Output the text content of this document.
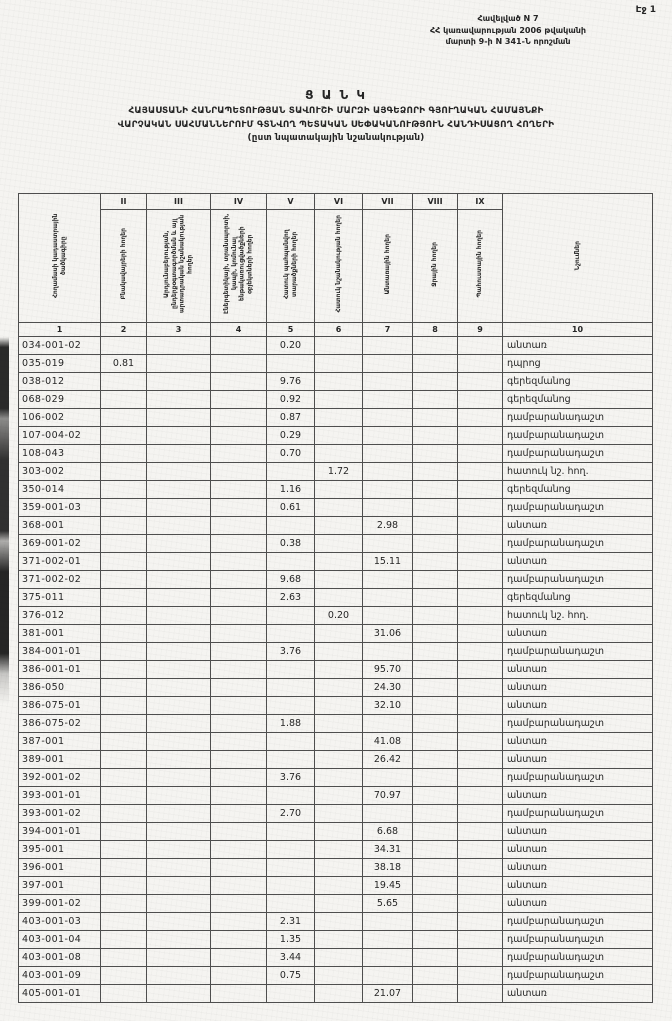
Էջ 1
Հավելված N 7
ՀՀ կառավարության 2006 թվականի
մարտի 9-ի N 341-Ն որոշման
Ց Ա Ն Կ
ՀԱՅԱՍՏԱՆԻ ՀԱՆՐԱՊԵՏՈՒԹՅԱՆ ՏԱՎՈՒՇԻ ՄԱՐԶԻ ԱՅԳԵՁՈՐԻ ԳՅՈՒՂԱԿԱՆ ՀԱՄԱՅՆՔԻ
ՎԱՐՉԱԿԱՆ ՍԱՀՄԱՆՆԵՐՈՒՄ ԳՏՆՎՈՂ ՊԵՏԱԿԱՆ ՍԵՓԱԿԱՆՈՒԹՅՈՒՆ ՀԱՆԴԻՍԱՑՈՂ ՀՈՂԵՐԻ
(ըստ նպատակային նշանակության)
Հողամասի կադաստրային ծածկագիրը	II	III	IV	V	VI	VII	VIII	IX	Նշումներ
	Բնակավայրերի հողեր	Արդյունաբերության, ընդերքօգտագործման և այլ արտադրական նշանակության հողեր	Էներգետիկայի, տրանսպորտի, կապի, կոմունալ ենթակառուցվածքների օբյեկտների հողեր	Հատուկ պահպանվող տարածքների հողեր	Հատուկ նշանակության հողեր	Անտառային հողեր	Ջրային հողեր	Պահուստային հողեր	
1	2	3	4	5	6	7	8	9	10
034-001-02				0.20					անտառ
035-019	0.81								դպրոց
038-012				9.76					գերեզմանոց
068-029				0.92					գերեզմանոց
106-002				0.87					դամբարանադաշտ
107-004-02				0.29					դամբարանադաշտ
108-043				0.70					դամբարանադաշտ
303-002					1.72				հատուկ նշ. հող.
350-014				1.16					գերեզմանոց
359-001-03				0.61					դամբարանադաշտ
368-001						2.98			անտառ
369-001-02				0.38					դամբարանադաշտ
371-002-01						15.11			անտառ
371-002-02				9.68					դամբարանադաշտ
375-011				2.63					գերեզմանոց
376-012					0.20				հատուկ նշ. հող.
381-001						31.06			անտառ
384-001-01				3.76					դամբարանադաշտ
386-001-01						95.70			անտառ
386-050						24.30			անտառ
386-075-01						32.10			անտառ
386-075-02				1.88					դամբարանադաշտ
387-001						41.08			անտառ
389-001						26.42			անտառ
392-001-02				3.76					դամբարանադաշտ
393-001-01						70.97			անտառ
393-001-02				2.70					դամբարանադաշտ
394-001-01						6.68			անտառ
395-001						34.31			անտառ
396-001						38.18			անտառ
397-001						19.45			անտառ
399-001-02						5.65			անտառ
403-001-03				2.31					դամբարանադաշտ
403-001-04				1.35					դամբարանադաշտ
403-001-08				3.44					դամբարանադաշտ
403-001-09				0.75					դամբարանադաշտ
405-001-01						21.07			անտառ
